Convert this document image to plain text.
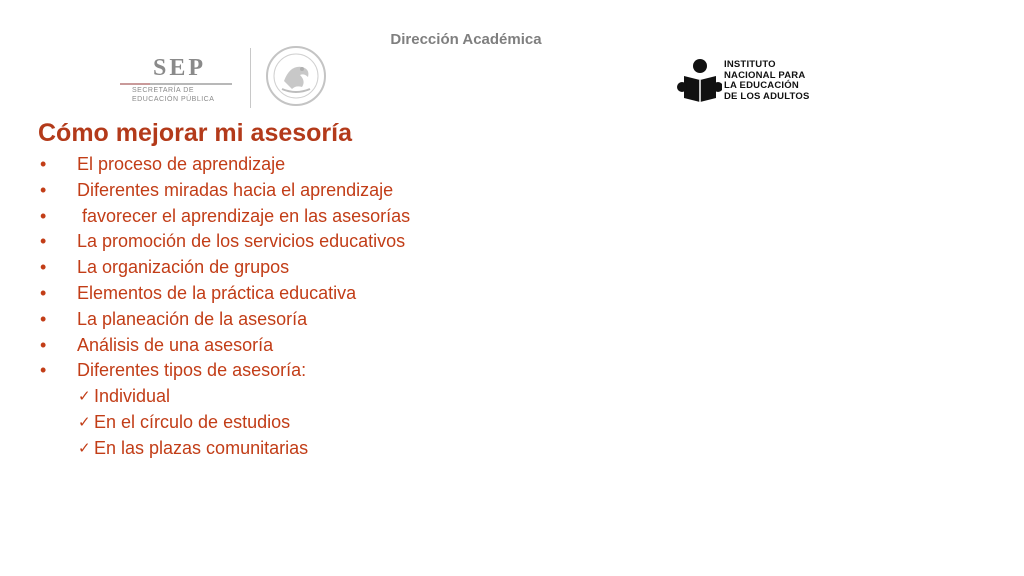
Dirección Académica
SEP
SECRETARÍA DE
EDUCACIÓN PÚBLICA
INSTITUTO
NACIONAL PARA
LA EDUCACIÓN
DE LOS ADULTOS
Cómo mejorar mi asesoría
• El proceso de aprendizaje
• Diferentes miradas hacia el aprendizaje
•  favorecer el aprendizaje en las asesorías
• La promoción de los servicios educativos
• La organización de grupos
• Elementos de la práctica educativa
• La planeación de la asesoría
• Análisis de una asesoría
• Diferentes tipos de asesoría:
✓ Individual
✓ En el círculo de estudios
✓ En las plazas comunitarias
